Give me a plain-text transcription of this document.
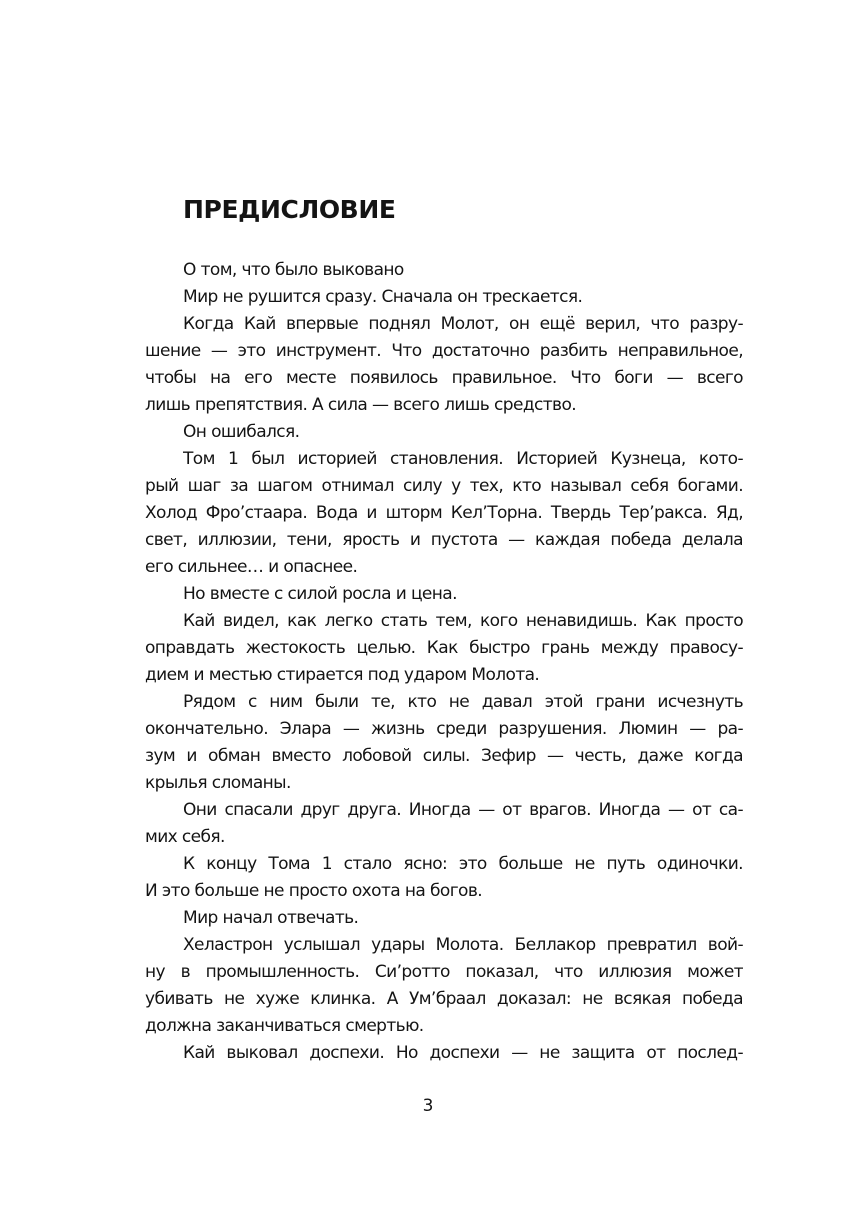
ПРЕДИСЛОВИЕ
О том, что было выковано
Мир не рушится сразу. Сначала он трескается.
Когда Кай впервые поднял Молот, он ещё верил, что разру-
шение — это инструмент. Что достаточно разбить неправильное,
чтобы на его месте появилось правильное. Что боги — всего
лишь препятствия. А сила — всего лишь средство.
Он ошибался.
Том 1 был историей становления. Историей Кузнеца, кото-
рый шаг за шагом отнимал силу у тех, кто называл себя богами.
Холод Фро’стаара. Вода и шторм Кел’Торна. Твердь Тер’ракса. Яд,
свет, иллюзии, тени, ярость и пустота — каждая победа делала
его сильнее… и опаснее.
Но вместе с силой росла и цена.
Кай видел, как легко стать тем, кого ненавидишь. Как просто
оправдать жестокость целью. Как быстро грань между правосу-
дием и местью стирается под ударом Молота.
Рядом с ним были те, кто не давал этой грани исчезнуть
окончательно. Элара — жизнь среди разрушения. Люмин — ра-
зум и обман вместо лобовой силы. Зефир — честь, даже когда
крылья сломаны.
Они спасали друг друга. Иногда — от врагов. Иногда — от са-
мих себя.
К концу Тома 1 стало ясно: это больше не путь одиночки.
И это больше не просто охота на богов.
Мир начал отвечать.
Хеластрон услышал удары Молота. Беллакор превратил вой-
ну в промышленность. Си’ротто показал, что иллюзия может
убивать не хуже клинка. А Ум’браал доказал: не всякая победа
должна заканчиваться смертью.
Кай выковал доспехи. Но доспехи — не защита от послед-
3
